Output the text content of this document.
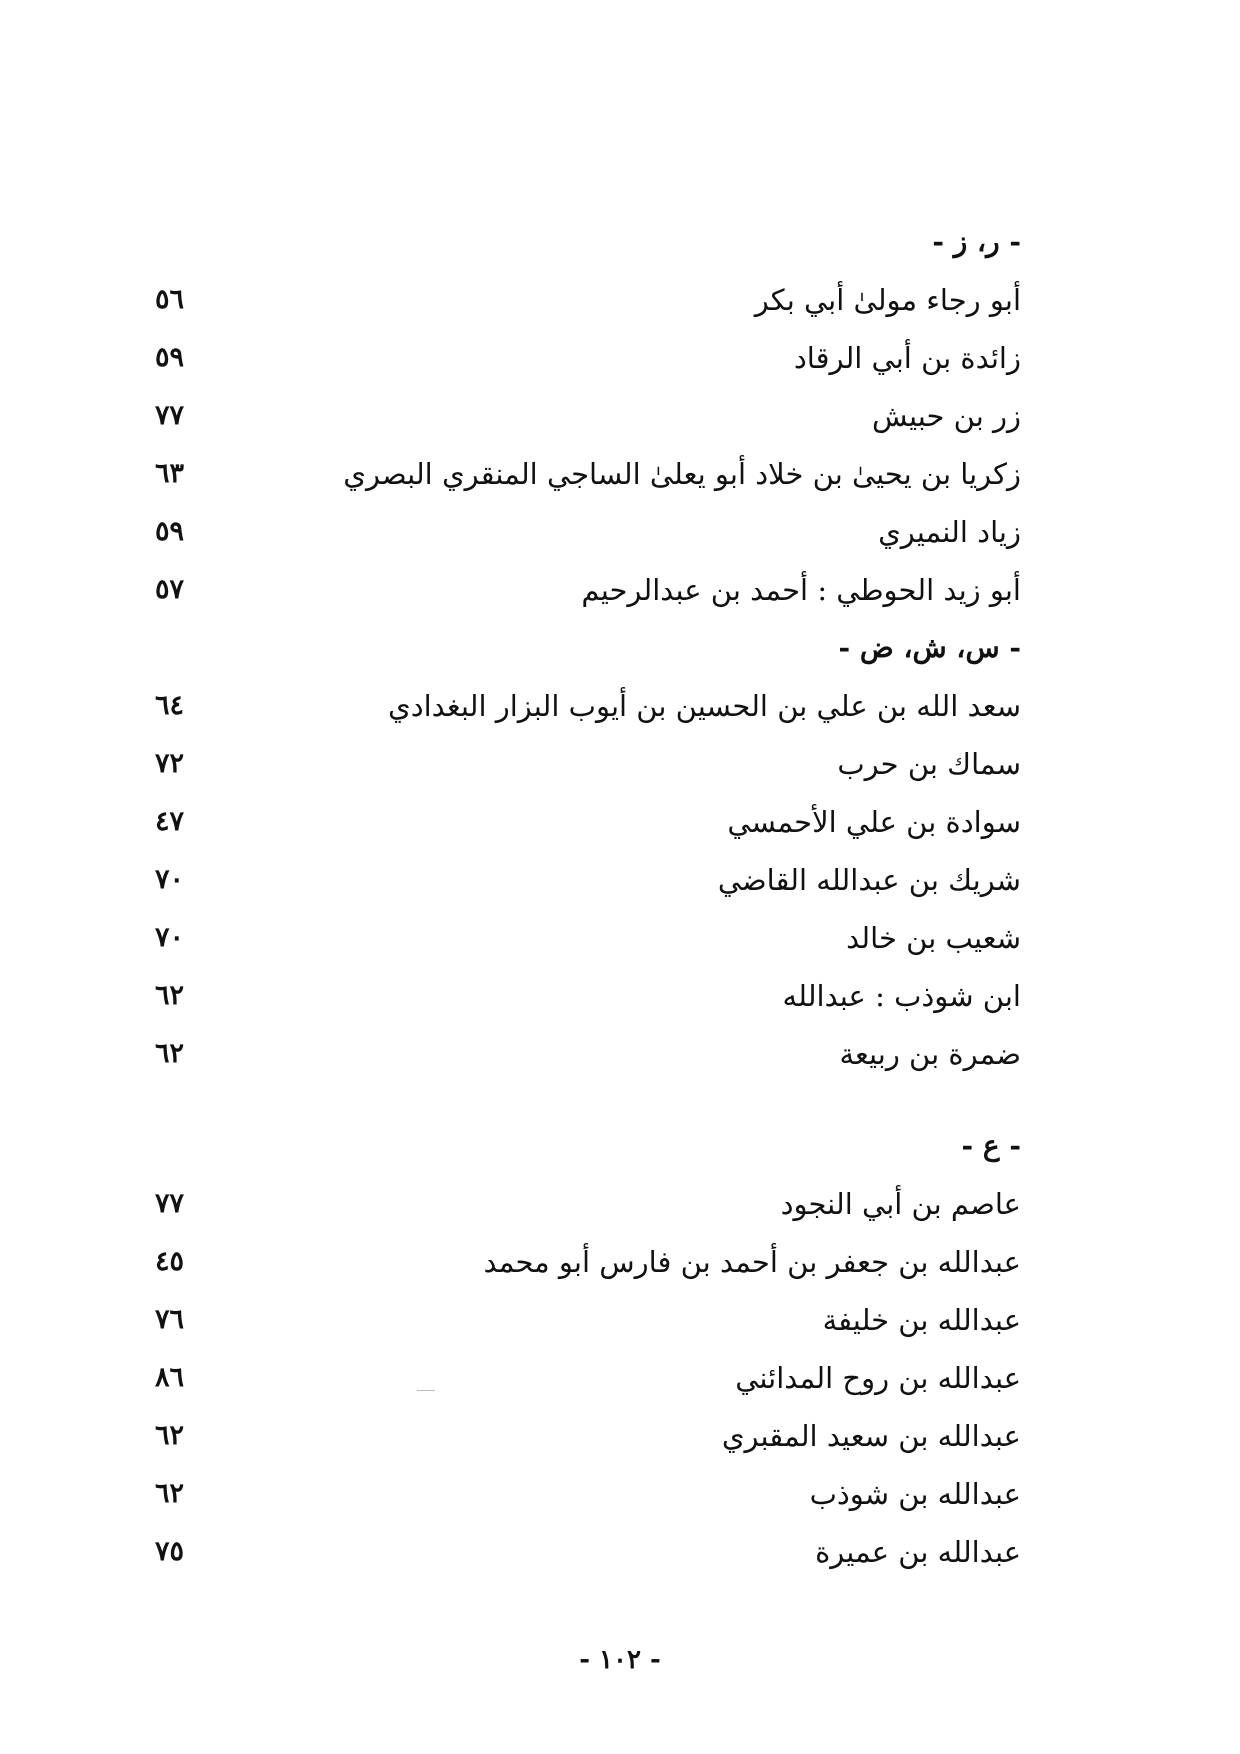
- ر، ز -
أبو رجاء مولىٰ أبي بكر
٥٦
زائدة بن أبي الرقاد
٥٩
زر بن حبيش
٧٧
زكريا بن يحيىٰ بن خلاد أبو يعلىٰ الساجي المنقري البصري
٦٣
زياد النميري
٥٩
أبو زيد الحوطي : أحمد بن عبدالرحيم
٥٧
- س، ش، ض -
سعد الله بن علي بن الحسين بن أيوب البزار البغدادي
٦٤
سماك بن حرب
٧٢
سوادة بن علي الأحمسي
٤٧
شريك بن عبدالله القاضي
٧٠
شعيب بن خالد
٧٠
ابن شوذب : عبدالله
٦٢
ضمرة بن ربيعة
٦٢
- ع -
عاصم بن أبي النجود
٧٧
عبدالله بن جعفر بن أحمد بن فارس أبو محمد
٤٥
عبدالله بن خليفة
٧٦
عبدالله بن روح المدائني
٨٦
عبدالله بن سعيد المقبري
٦٢
عبدالله بن شوذب
٦٢
عبدالله بن عميرة
٧٥
- ١٠٢ -
